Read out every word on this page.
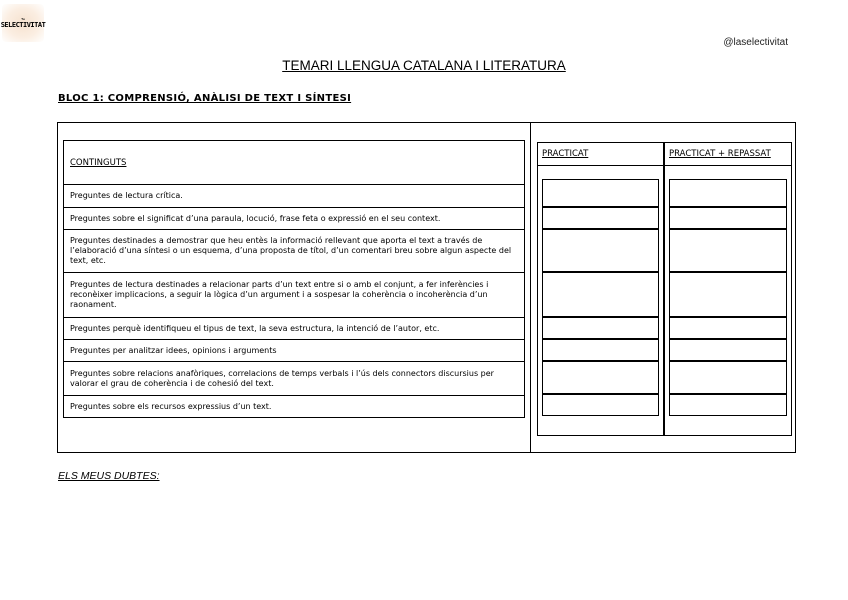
Tu
SELECTIVITAT
@laselectivitat
TEMARI LLENGUA CATALANA I LITERATURA
BLOC 1: COMPRENSIÓ, ANÀLISI DE TEXT I SÍNTESI
CONTINGUTS
Preguntes de lectura crítica.
Preguntes sobre el significat d’una paraula, locució, frase feta o expressió en el seu context.
Preguntes destinades a demostrar que heu entès la informació rellevant que aporta el text a través de l’elaboració d’una síntesi o un esquema, d’una proposta de títol, d’un comentari breu sobre algun aspecte del text, etc.
Preguntes de lectura destinades a relacionar parts d’un text entre si o amb el conjunt, a fer inferències i reconèixer implicacions, a seguir la lògica d’un argument i a sospesar la coherència o incoherència d’un raonament.
Preguntes perquè identifiqueu el tipus de text, la seva estructura, la intenció de l’autor, etc.
Preguntes per analitzar idees, opinions i arguments
Preguntes sobre relacions anafòriques, correlacions de temps verbals i l’ús dels connectors discursius per valorar el grau de coherència i de cohesió del text.
Preguntes sobre els recursos expressius d’un text.
PRACTICAT	PRACTICAT + REPASSAT
ELS MEUS DUBTES:
